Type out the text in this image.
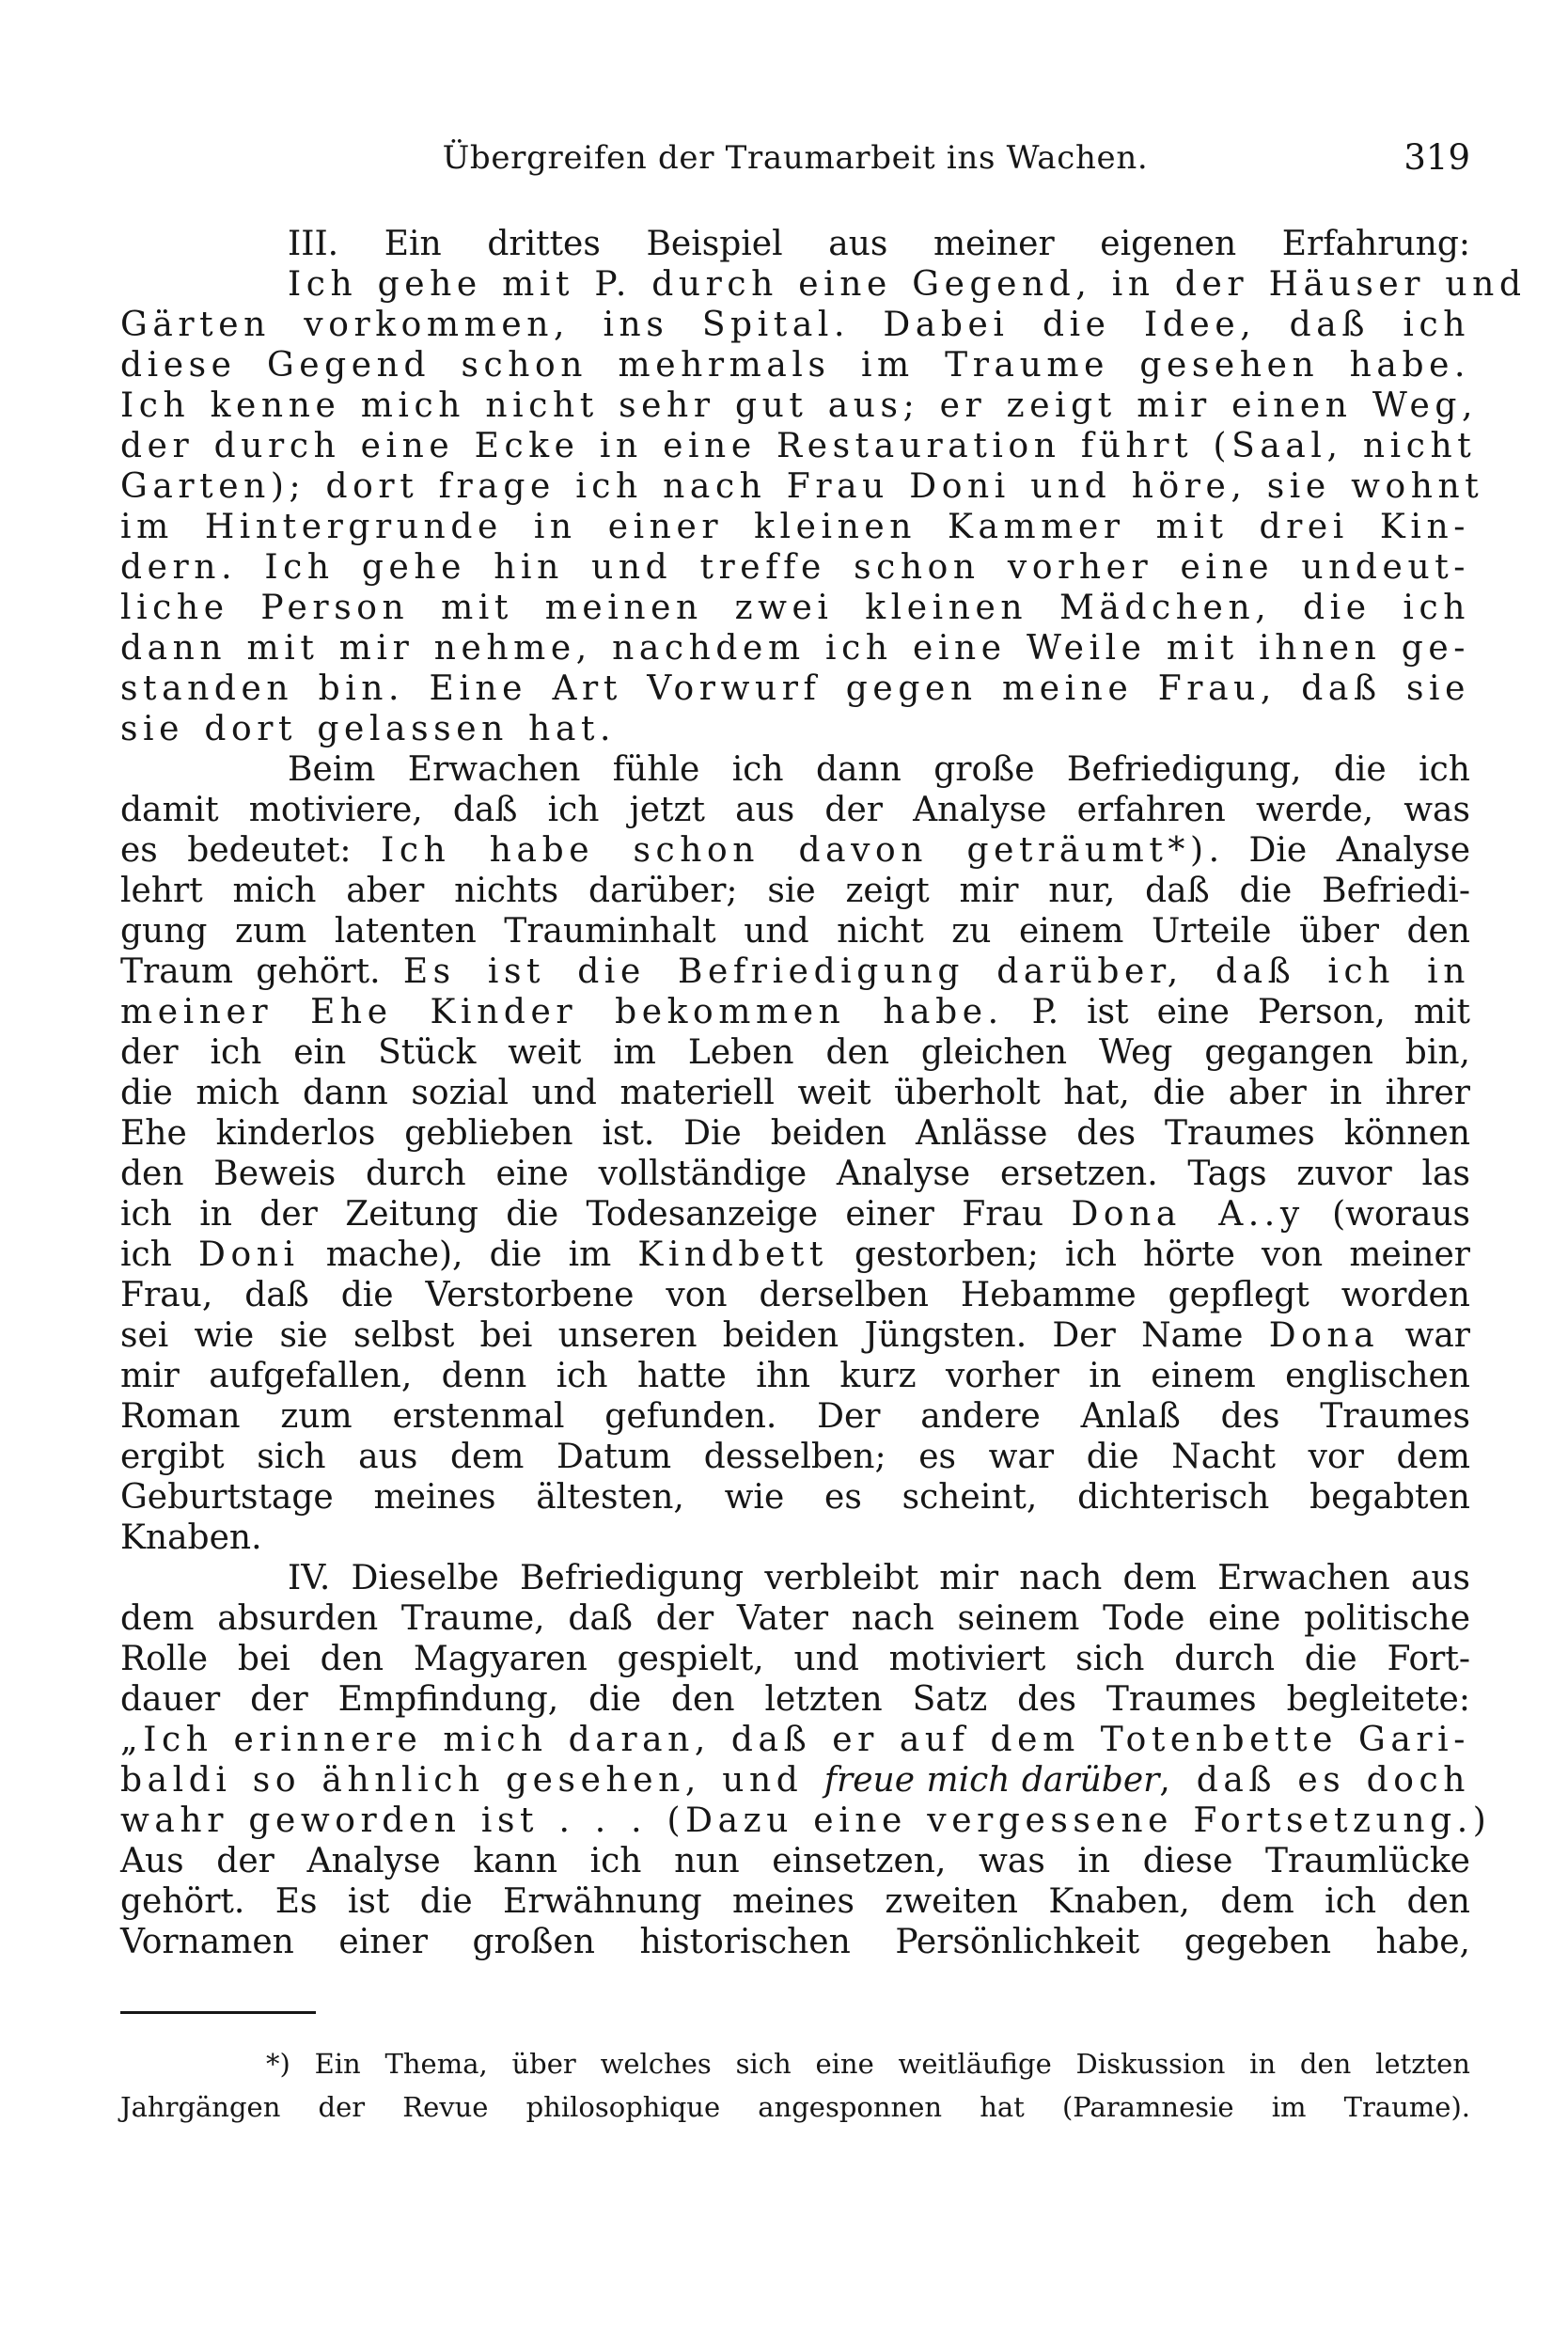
Übergreifen der Traumarbeit ins Wachen.	319
III. Ein drittes Beispiel aus meiner eigenen Erfahrung:
Ich gehe mit P. durch eine Gegend, in der Häuser und
Gärten vorkommen, ins Spital. Dabei die Idee, daß ich
diese Gegend schon mehrmals im Traume gesehen habe.
Ich kenne mich nicht sehr gut aus; er zeigt mir einen Weg,
der durch eine Ecke in eine Restauration führt (Saal, nicht
Garten); dort frage ich nach Frau Doni und höre, sie wohnt
im Hintergrunde in einer kleinen Kammer mit drei Kin-
dern. Ich gehe hin und treffe schon vorher eine undeut-
liche Person mit meinen zwei kleinen Mädchen, die ich
dann mit mir nehme, nachdem ich eine Weile mit ihnen ge-
standen bin. Eine Art Vorwurf gegen meine Frau, daß sie
sie dort gelassen hat.
Beim Erwachen fühle ich dann große Befriedigung, die ich
damit motiviere, daß ich jetzt aus der Analyse erfahren werde, was
es bedeutet: Ich habe schon davon geträumt*). Die Analyse
lehrt mich aber nichts darüber; sie zeigt mir nur, daß die Befriedi-
gung zum latenten Trauminhalt und nicht zu einem Urteile über den
Traum gehört. Es ist die Befriedigung darüber, daß ich in
meiner Ehe Kinder bekommen habe. P. ist eine Person, mit
der ich ein Stück weit im Leben den gleichen Weg gegangen bin,
die mich dann sozial und materiell weit überholt hat, die aber in ihrer
Ehe kinderlos geblieben ist. Die beiden Anlässe des Traumes können
den Beweis durch eine vollständige Analyse ersetzen. Tags zuvor las
ich in der Zeitung die Todesanzeige einer Frau Dona A..y (woraus
ich Doni mache), die im Kindbett gestorben; ich hörte von meiner
Frau, daß die Verstorbene von derselben Hebamme gepflegt worden
sei wie sie selbst bei unseren beiden Jüngsten. Der Name Dona war
mir aufgefallen, denn ich hatte ihn kurz vorher in einem englischen
Roman zum erstenmal gefunden. Der andere Anlaß des Traumes
ergibt sich aus dem Datum desselben; es war die Nacht vor dem
Geburtstage meines ältesten, wie es scheint, dichterisch begabten
Knaben.
IV. Dieselbe Befriedigung verbleibt mir nach dem Erwachen aus
dem absurden Traume, daß der Vater nach seinem Tode eine politische
Rolle bei den Magyaren gespielt, und motiviert sich durch die Fort-
dauer der Empfindung, die den letzten Satz des Traumes begleitete:
„Ich erinnere mich daran, daß er auf dem Totenbette Gari-
baldi so ähnlich gesehen, und freue mich darüber, daß es doch
wahr geworden ist . . . (Dazu eine vergessene Fortsetzung.)
Aus der Analyse kann ich nun einsetzen, was in diese Traumlücke
gehört. Es ist die Erwähnung meines zweiten Knaben, dem ich den
Vornamen einer großen historischen Persönlichkeit gegeben habe,
*) Ein Thema, über welches sich eine weitläufige Diskussion in den letzten
Jahrgängen der Revue philosophique angesponnen hat (Paramnesie im Traume).
